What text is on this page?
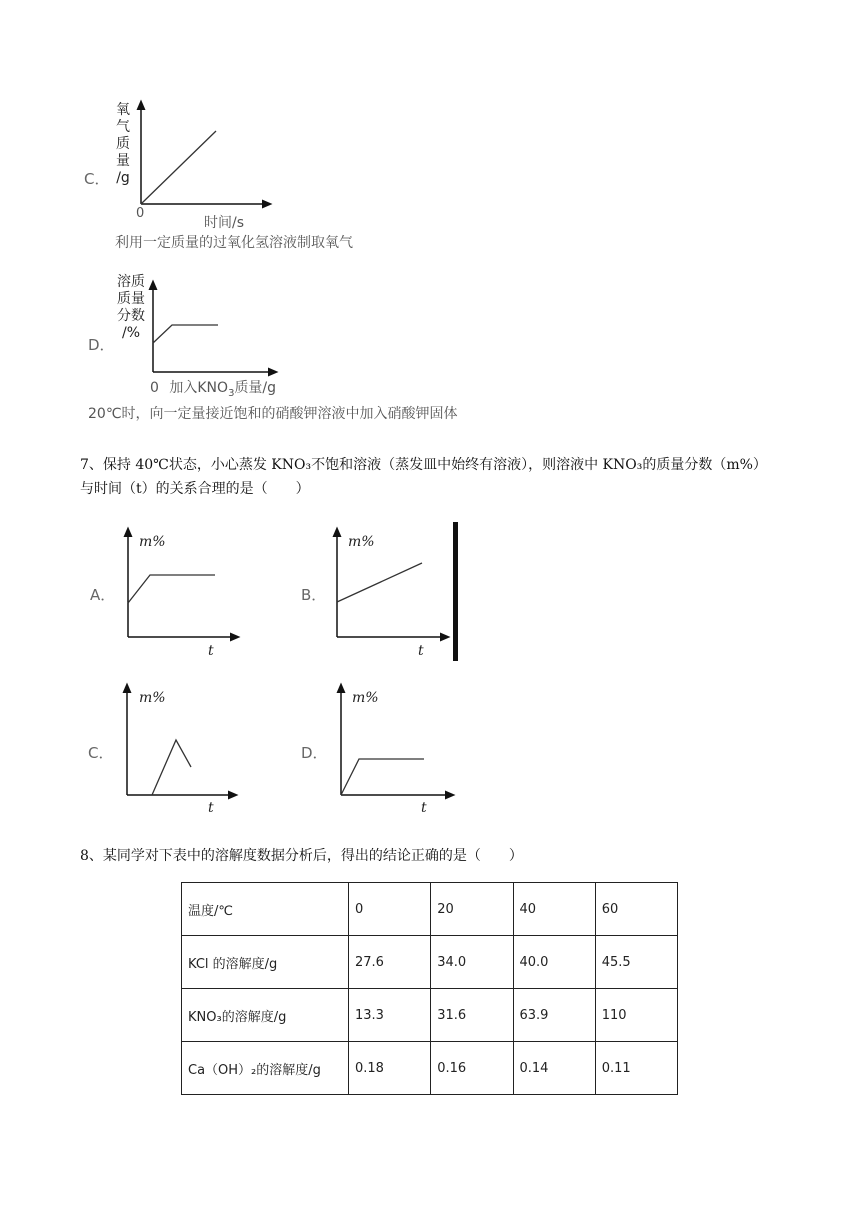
C．
氧
气
质
量
/g
0
时间/s
利用一定质量的过氧化氢溶液制取氧气
D．
溶质
质量
分数
/%
0 加入$KNO_3$质量/g
20℃时，向一定量接近饱和的硝酸钾溶液中加入硝酸钾固体
7、保持 40℃状态，小心蒸发 KNO₃不饱和溶液（蒸发皿中始终有溶液），则溶液中 KNO₃的质量分数（m%）
与时间（t）的关系合理的是（　　）
A．	B．
C．	D．
m%
t
m%
t
m%
t
m%
t
8、某同学对下表中的溶解度数据分析后，得出的结论正确的是（　　）
温度/℃	0	20	40	60
KCl 的溶解度/g	27.6	34.0	40.0	45.5
KNO₃的溶解度/g	13.3	31.6	63.9	110
Ca（OH）₂的溶解度/g	0.18	0.16	0.14	0.11
